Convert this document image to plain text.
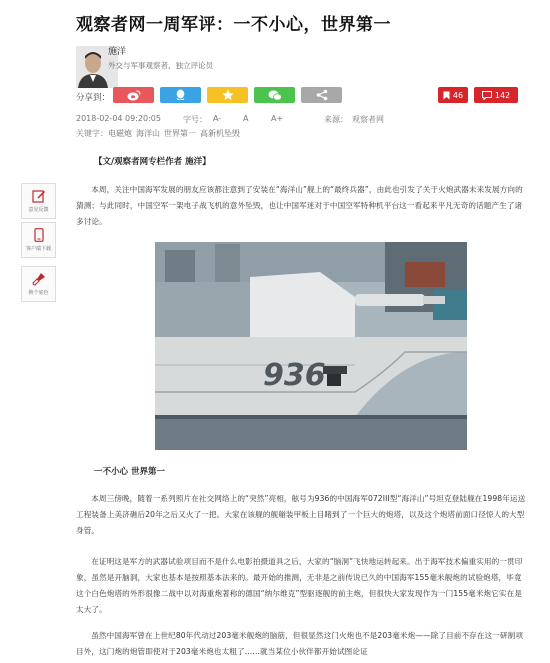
观察者网一周军评：一不小心，世界第一
施洋
外交与军事观察者，独立评论员
分享到：	46	142
2018-02-04 09:20:05	字号： A-	A	A+	来源： 观察者网
关键字：电磁炮 海洋山 世界第一 高新机坠毁
意见反馈
客户端下载
换个底色
【文/观察者网专栏作者 施洋】
本周，关注中国海军发展的朋友应该都注意到了安装在“海洋山”舰上的“最终兵器”，由此也引发了关于火炮武器未来发展方向的猜测；与此同时，中国空军一架电子战飞机的意外坠毁，也让中国军迷对于中国空军特种机平台这一看起来平凡无奇的话题产生了诸多讨论。
936
一不小心 世界第一
本周三傍晚，随着一系列照片在社交网络上的“突然”亮相，舷号为936的中国海军072III型“海洋山”号坦克登陆舰在1998年运送工程装备上美济礁后20年之后又火了一把。大家在该舰的舰艏装甲板上目睹到了一个巨大的炮塔，以及这个炮塔前面口径惊人的大型身管。
在证明这是军方的武器试验项目而不是什么电影拍摄道具之后，大家的“脑洞”飞快地运转起来。出于海军技术偏重实用的一贯印象，虽然是开脑洞，大家也基本是按照基本法来的。最开始的推测，无非是之前传说已久的中国海军155毫米舰炮的试验炮塔，毕竟这个白色炮塔的外形很像二战中以对海重炮著称的德国“纳尔维克”型驱逐舰的前主炮，但很快大家发现作为一门155毫米炮它实在是太大了。
虽然中国海军曾在上世纪80年代动过203毫米舰炮的脑筋，但很显然这门火炮也不是203毫米炮——除了目前不存在这一研制项目外，这门炮的炮管即使对于203毫米炮也太粗了……就当某位小伙伴都开始试图论证
